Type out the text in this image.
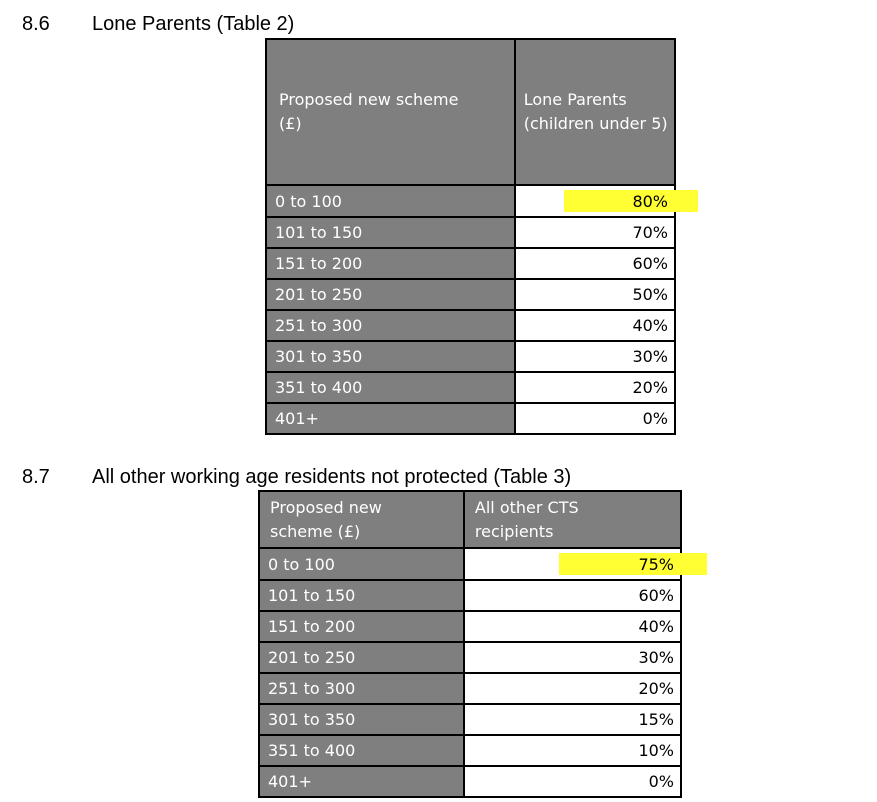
8.6 Lone Parents (Table 2)
Proposed new scheme (£)	Lone Parents (children under 5)
0 to 100	80%
101 to 150	70%
151 to 200	60%
201 to 250	50%
251 to 300	40%
301 to 350	30%
351 to 400	20%
401+	0%
8.7 All other working age residents not protected (Table 3)
Proposed new scheme (£)	All other CTS recipients
0 to 100	75%
101 to 150	60%
151 to 200	40%
201 to 250	30%
251 to 300	20%
301 to 350	15%
351 to 400	10%
401+	0%
